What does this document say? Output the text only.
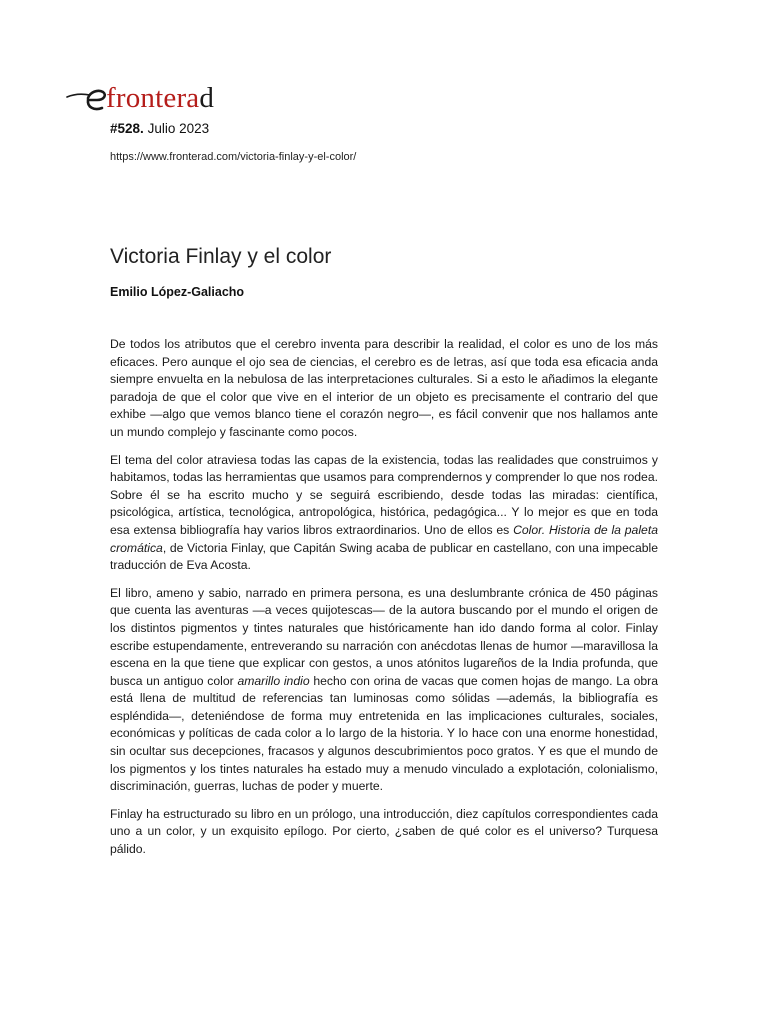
fronterad
#528. Julio 2023
https://www.fronterad.com/victoria-finlay-y-el-color/
Victoria Finlay y el color
Emilio López-Galiacho

De todos los atributos que el cerebro inventa para describir la realidad, el color es uno de los más eficaces. Pero aunque el ojo sea de ciencias, el cerebro es de letras, así que toda esa eficacia anda siempre envuelta en la nebulosa de las interpretaciones culturales. Si a esto le añadimos la elegante paradoja de que el color que vive en el interior de un objeto es precisamente el contrario del que exhibe —algo que vemos blanco tiene el corazón negro—, es fácil convenir que nos hallamos ante un mundo complejo y fascinante como pocos.

El tema del color atraviesa todas las capas de la existencia, todas las realidades que construimos y habitamos, todas las herramientas que usamos para comprendernos y comprender lo que nos rodea. Sobre él se ha escrito mucho y se seguirá escribiendo, desde todas las miradas: científica, psicológica, artística, tecnológica, antropológica, histórica, pedagógica... Y lo mejor es que en toda esa extensa bibliografía hay varios libros extraordinarios. Uno de ellos es Color. Historia de la paleta cromática, de Victoria Finlay, que Capitán Swing acaba de publicar en castellano, con una impecable traducción de Eva Acosta.

El libro, ameno y sabio, narrado en primera persona, es una deslumbrante crónica de 450 páginas que cuenta las aventuras —a veces quijotescas— de la autora buscando por el mundo el origen de los distintos pigmentos y tintes naturales que históricamente han ido dando forma al color. Finlay escribe estupendamente, entreverando su narración con anécdotas llenas de humor —maravillosa la escena en la que tiene que explicar con gestos, a unos atónitos lugareños de la India profunda, que busca un antiguo color amarillo indio hecho con orina de vacas que comen hojas de mango. La obra está llena de multitud de referencias tan luminosas como sólidas —además, la bibliografía es espléndida—, deteniéndose de forma muy entretenida en las implicaciones culturales, sociales, económicas y políticas de cada color a lo largo de la historia. Y lo hace con una enorme honestidad, sin ocultar sus decepciones, fracasos y algunos descubrimientos poco gratos. Y es que el mundo de los pigmentos y los tintes naturales ha estado muy a menudo vinculado a explotación, colonialismo, discriminación, guerras, luchas de poder y muerte.

Finlay ha estructurado su libro en un prólogo, una introducción, diez capítulos correspondientes cada uno a un color, y un exquisito epílogo. Por cierto, ¿saben de qué color es el universo? Turquesa pálido.
